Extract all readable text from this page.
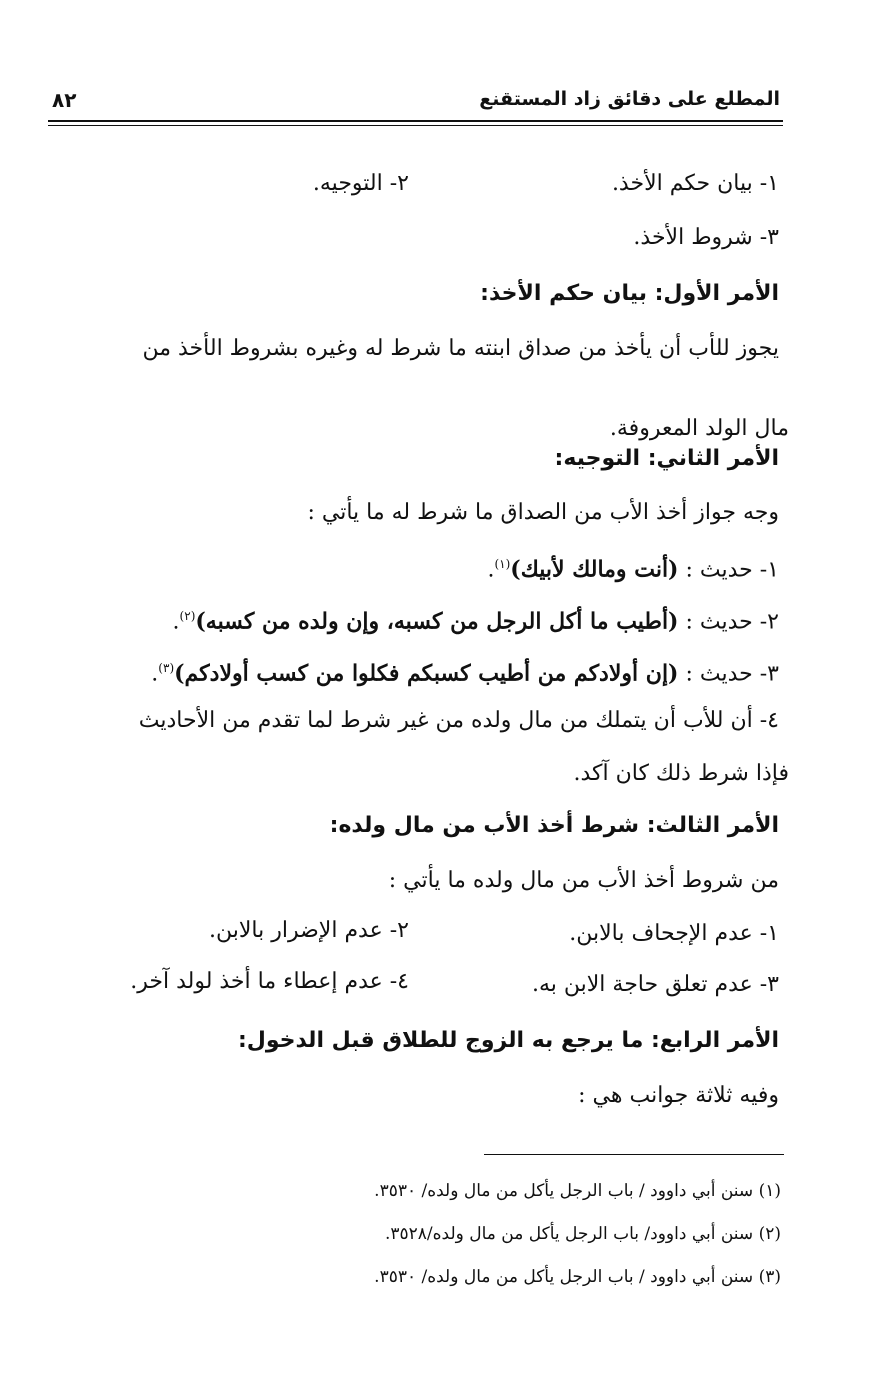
المطلع على دقائق زاد المستقنع
٨٢
١- بيان حكم الأخذ.
٢- التوجيه.
٣- شروط الأخذ.
الأمر الأول: بيان حكم الأخذ:
يجوز للأب أن يأخذ من صداق ابنته ما شرط له وغيره بشروط الأخذ من
مال الولد المعروفة.
الأمر الثاني: التوجيه:
وجه جواز أخذ الأب من الصداق ما شرط له ما يأتي :
١- حديث : (أنت ومالك لأبيك)$^{(١)}$.
٢- حديث : (أطيب ما أكل الرجل من كسبه، وإن ولده من كسبه)$^{(٢)}$.
٣- حديث : (إن أولادكم من أطيب كسبكم فكلوا من كسب أولادكم)$^{(٣)}$.
٤- أن للأب أن يتملك من مال ولده من غير شرط لما تقدم من الأحاديث
فإذا شرط ذلك كان آكد.
الأمر الثالث: شرط أخذ الأب من مال ولده:
من شروط أخذ الأب من مال ولده ما يأتي :
١- عدم الإجحاف بالابن.
٢- عدم الإضرار بالابن.
٣- عدم تعلق حاجة الابن به.
٤- عدم إعطاء ما أخذ لولد آخر.
الأمر الرابع: ما يرجع به الزوج للطلاق قبل الدخول:
وفيه ثلاثة جوانب هي :
(١) سنن أبي داوود / باب الرجل يأكل من مال ولده/ ٣٥٣٠.
(٢) سنن أبي داوود/ باب الرجل يأكل من مال ولده/٣٥٢٨.
(٣) سنن أبي داوود / باب الرجل يأكل من مال ولده/ ٣٥٣٠.
